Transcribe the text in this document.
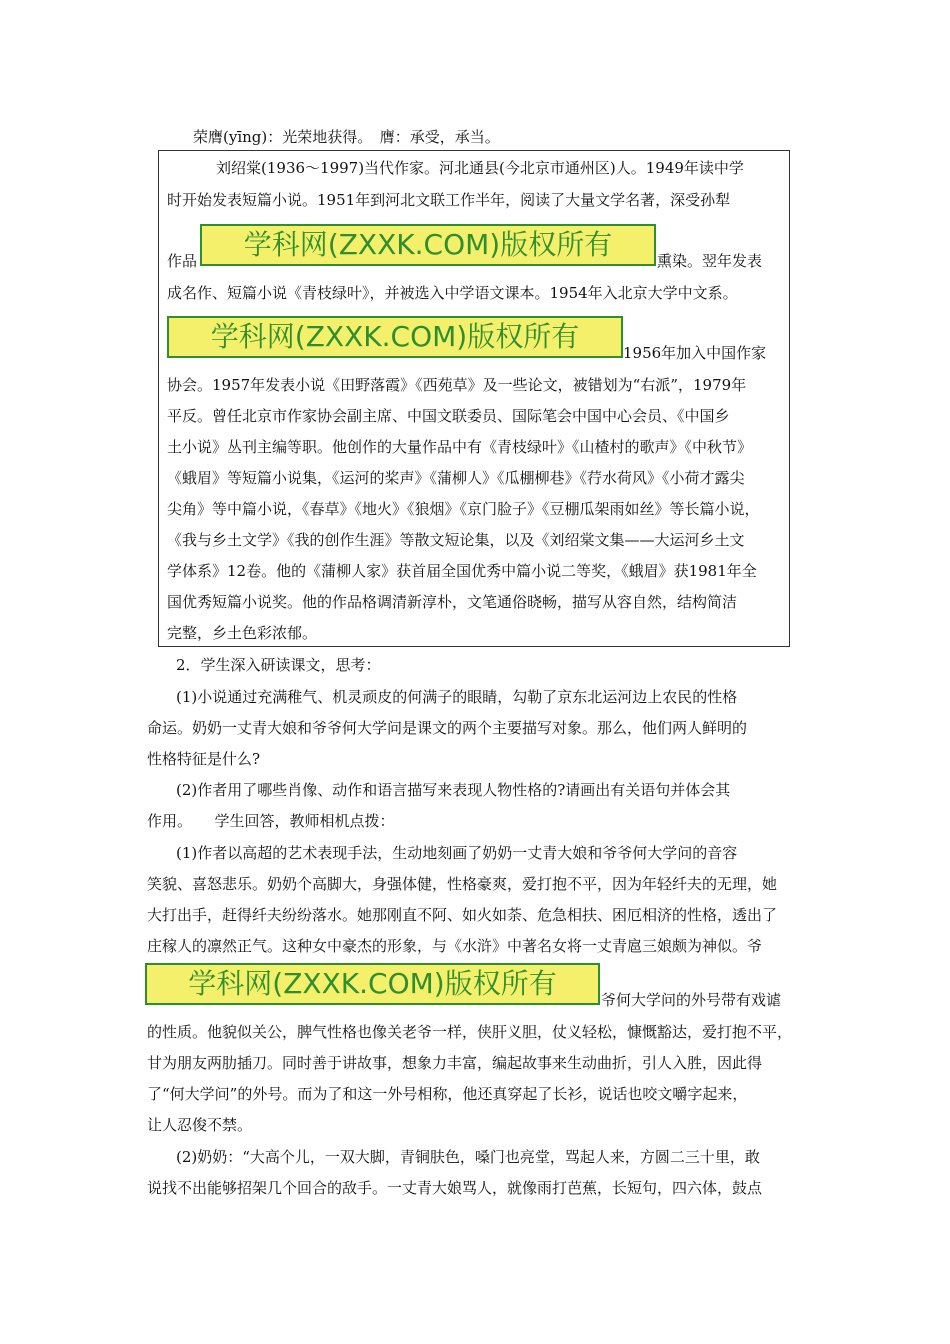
荣膺(yīng)：光荣地获得。　膺：承受，承当。
刘绍棠(1936～1997)当代作家。河北通县(今北京市通州区)人。1949年读中学
时开始发表短篇小说。1951年到河北文联工作半年，阅读了大量文学名著，深受孙犁
作品	学科网(ZXXK.COM)版权所有	熏染。翌年发表
成名作、短篇小说《青枝绿叶》，并被选入中学语文课本。1954年入北京大学中文系。
学科网(ZXXK.COM)版权所有	1956年加入中国作家
协会。1957年发表小说《田野落霞》《西苑草》及一些论文，被错划为“右派”，1979年
平反。曾任北京市作家协会副主席、中国文联委员、国际笔会中国中心会员、《中国乡
土小说》丛刊主编等职。他创作的大量作品中有《青枝绿叶》《山楂村的歌声》《中秋节》
《蛾眉》等短篇小说集，《运河的桨声》《蒲柳人》《瓜棚柳巷》《荇水荷风》《小荷才露尖
尖角》等中篇小说，《春草》《地火》《狼烟》《京门脸子》《豆棚瓜架雨如丝》等长篇小说，
《我与乡土文学》《我的创作生涯》等散文短论集，以及《刘绍棠文集——大运河乡土文
学体系》12卷。他的《蒲柳人家》获首届全国优秀中篇小说二等奖，《蛾眉》获1981年全
国优秀短篇小说奖。他的作品格调清新淳朴，文笔通俗晓畅，描写从容自然，结构简洁
完整，乡土色彩浓郁。
2．学生深入研读课文，思考：
(1)小说通过充满稚气、机灵顽皮的何满子的眼睛，勾勒了京东北运河边上农民的性格
命运。奶奶一丈青大娘和爷爷何大学问是课文的两个主要描写对象。那么，他们两人鲜明的
性格特征是什么?
(2)作者用了哪些肖像、动作和语言描写来表现人物性格的?请画出有关语句并体会其
作用。　　学生回答，教师相机点拨：
(1)作者以高超的艺术表现手法，生动地刻画了奶奶一丈青大娘和爷爷何大学问的音容
笑貌、喜怒悲乐。奶奶个高脚大，身强体健，性格豪爽，爱打抱不平，因为年轻纤夫的无理，她
大打出手，赶得纤夫纷纷落水。她那刚直不阿、如火如荼、危急相扶、困厄相济的性格，透出了
庄稼人的凛然正气。这种女中豪杰的形象，与《水浒》中著名女将一丈青扈三娘颇为神似。爷
学科网(ZXXK.COM)版权所有	爷何大学问的外号带有戏谑
的性质。他貌似关公，脾气性格也像关老爷一样，侠肝义胆，仗义轻松，慷慨豁达，爱打抱不平，
甘为朋友两肋插刀。同时善于讲故事，想象力丰富，编起故事来生动曲折，引人入胜，因此得
了“何大学问”的外号。而为了和这一外号相称，他还真穿起了长衫，说话也咬文嚼字起来，
让人忍俊不禁。
(2)奶奶：“大高个儿，一双大脚，青铜肤色，嗓门也亮堂，骂起人来，方圆二三十里，敢
说找不出能够招架几个回合的敌手。一丈青大娘骂人，就像雨打芭蕉，长短句，四六体，鼓点
